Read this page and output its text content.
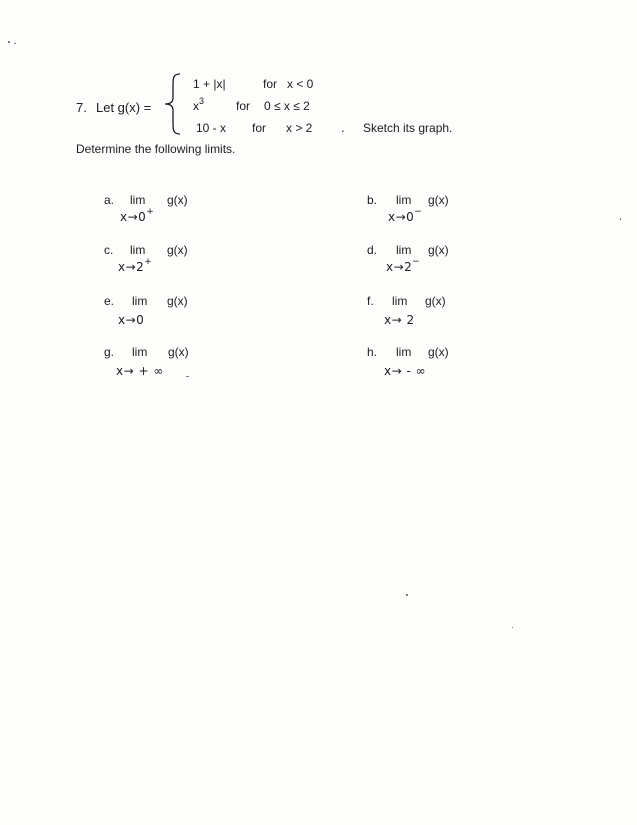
7. Let g(x) =
1 + |x|	for x < 0
$x^3$	for 0 ≤ x ≤ 2
10 - x for x > 2 . Sketch its graph.
Determine the following limits.
a. lim g(x)
x→0+
b. lim g(x)
x→0−
c. lim g(x)
x→2+
d. lim g(x)
x→2−
e. lim g(x)
x→0
f. lim g(x)
x→ 2
g. lim g(x)
x→ + ∞
h. lim g(x)
x→ - ∞
